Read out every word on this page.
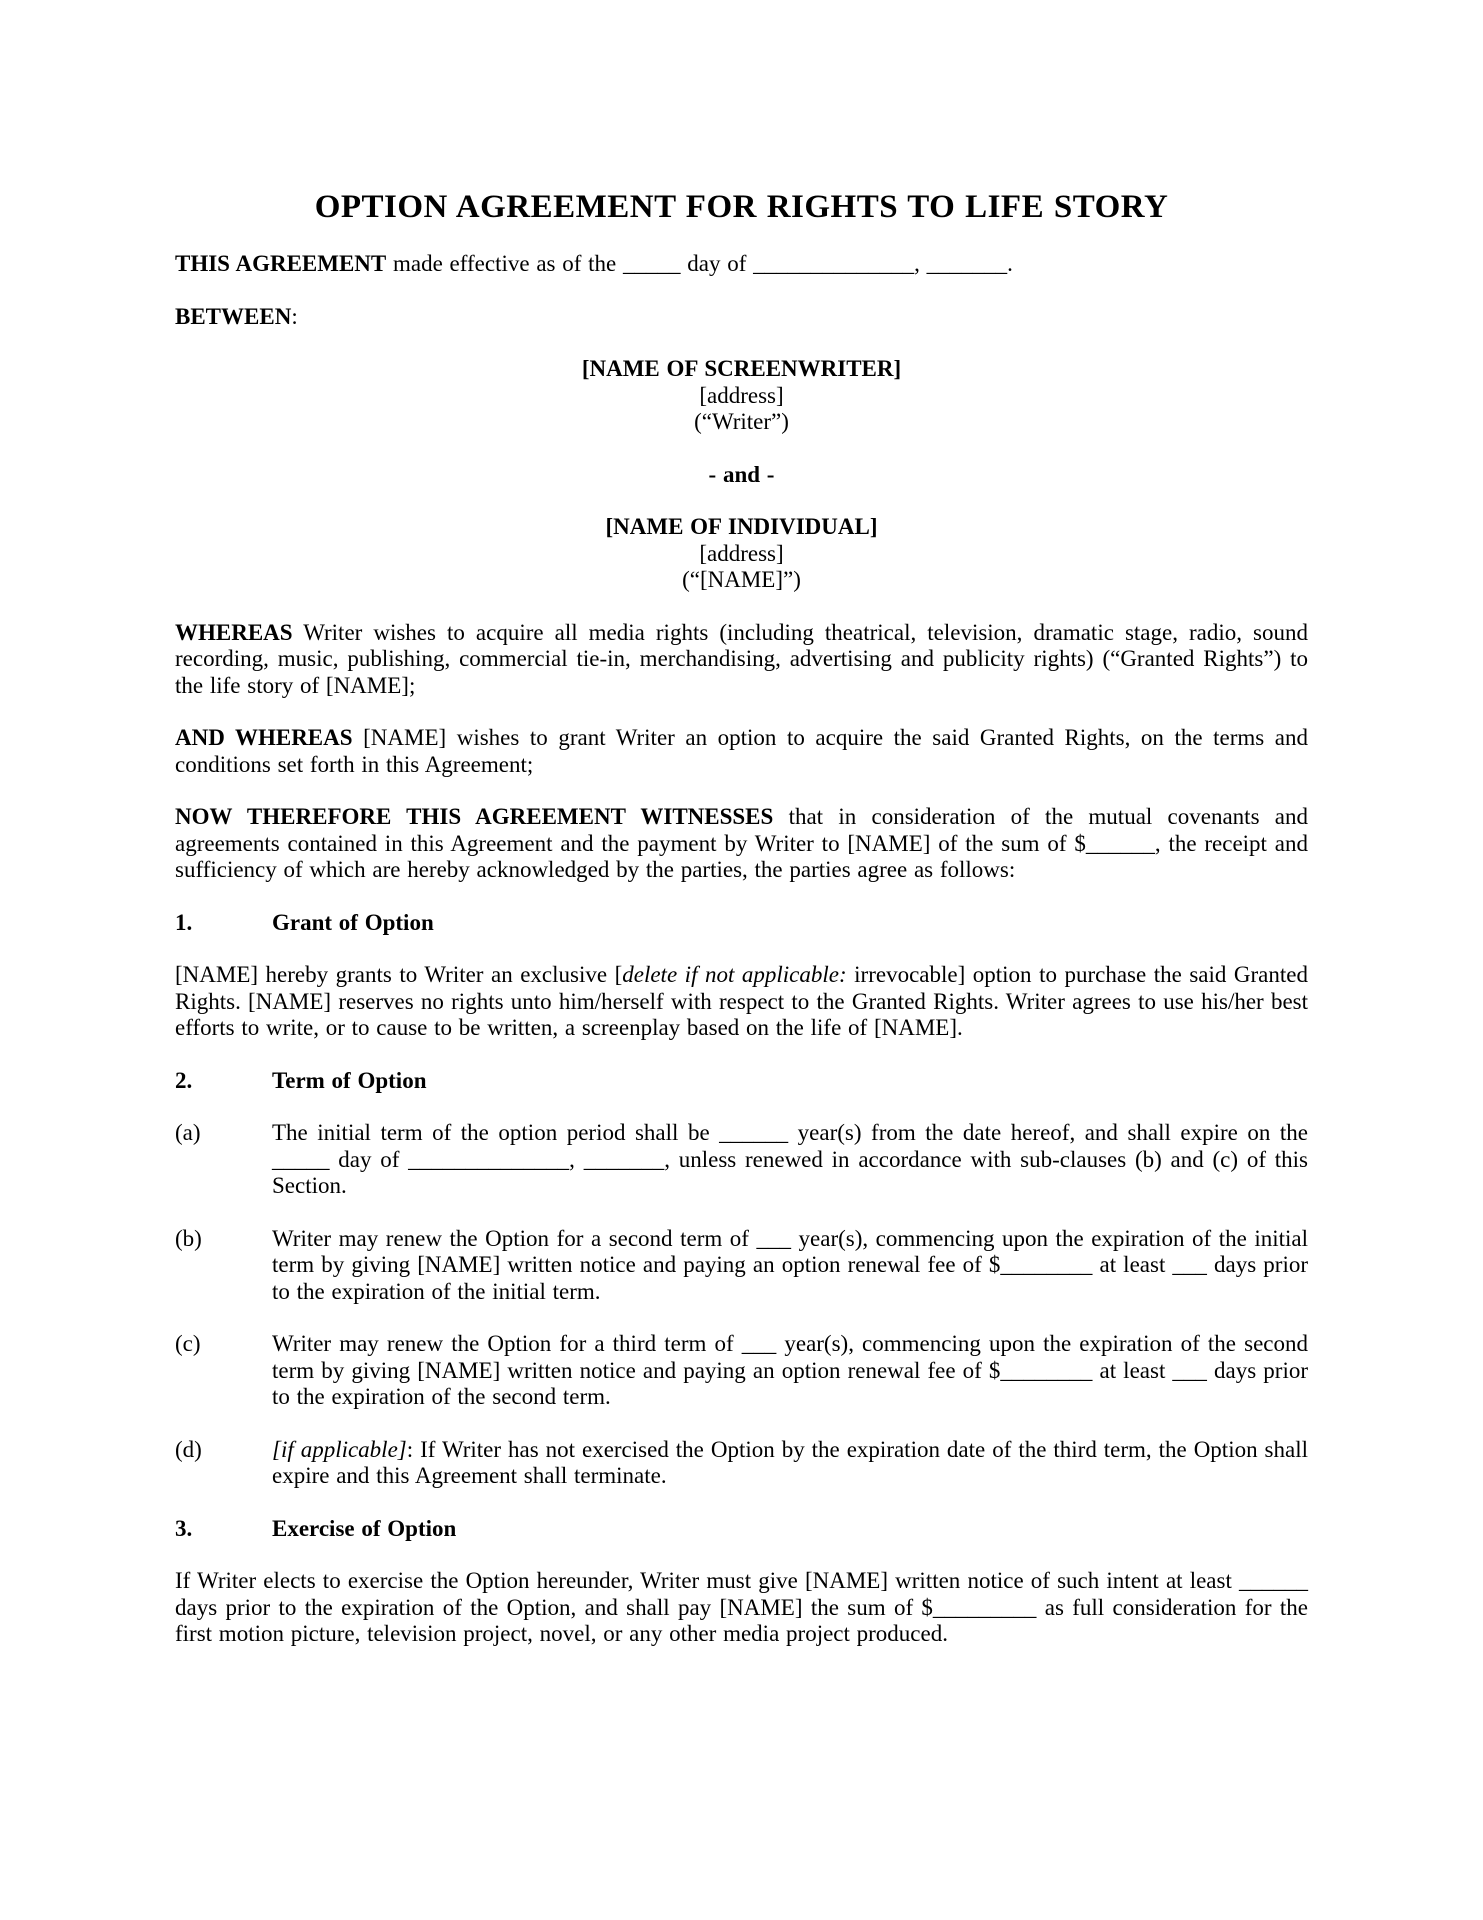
OPTION AGREEMENT FOR RIGHTS TO LIFE STORY

THIS AGREEMENT made effective as of the _____ day of ______________, _______.

BETWEEN:

[NAME OF SCREENWRITER]
[address]
(“Writer”)
- and -
[NAME OF INDIVIDUAL]
[address]
(“[NAME]”)

WHEREAS Writer wishes to acquire all media rights (including theatrical, television, dramatic stage, radio, sound recording, music, publishing, commercial tie-in, merchandising, advertising and publicity rights) (“Granted Rights”) to the life story of [NAME];

AND WHEREAS [NAME] wishes to grant Writer an option to acquire the said Granted Rights, on the terms and conditions set forth in this Agreement;

NOW THEREFORE THIS AGREEMENT WITNESSES that in consideration of the mutual covenants and agreements contained in this Agreement and the payment by Writer to [NAME] of the sum of $______, the receipt and sufficiency of which are hereby acknowledged by the parties, the parties agree as follows:

1.	Grant of Option

[NAME] hereby grants to Writer an exclusive [delete if not applicable: irrevocable] option to purchase the said Granted Rights. [NAME] reserves no rights unto him/herself with respect to the Granted Rights. Writer agrees to use his/her best efforts to write, or to cause to be written, a screenplay based on the life of [NAME].

2.	Term of Option
(a)	The initial term of the option period shall be ______ year(s) from the date hereof, and shall expire on the _____ day of ______________, _______, unless renewed in accordance with sub-clauses (b) and (c) of this Section.
(b)	Writer may renew the Option for a second term of ___ year(s), commencing upon the expiration of the initial term by giving [NAME] written notice and paying an option renewal fee of $________ at least ___ days prior to the expiration of the initial term.
(c)	Writer may renew the Option for a third term of ___ year(s), commencing upon the expiration of the second term by giving [NAME] written notice and paying an option renewal fee of $________ at least ___ days prior to the expiration of the second term.
(d)	[if applicable]: If Writer has not exercised the Option by the expiration date of the third term, the Option shall expire and this Agreement shall terminate.
3.	Exercise of Option

If Writer elects to exercise the Option hereunder, Writer must give [NAME] written notice of such intent at least ______ days prior to the expiration of the Option, and shall pay [NAME] the sum of $_________ as full consideration for the first motion picture, television project, novel, or any other media project produced.
